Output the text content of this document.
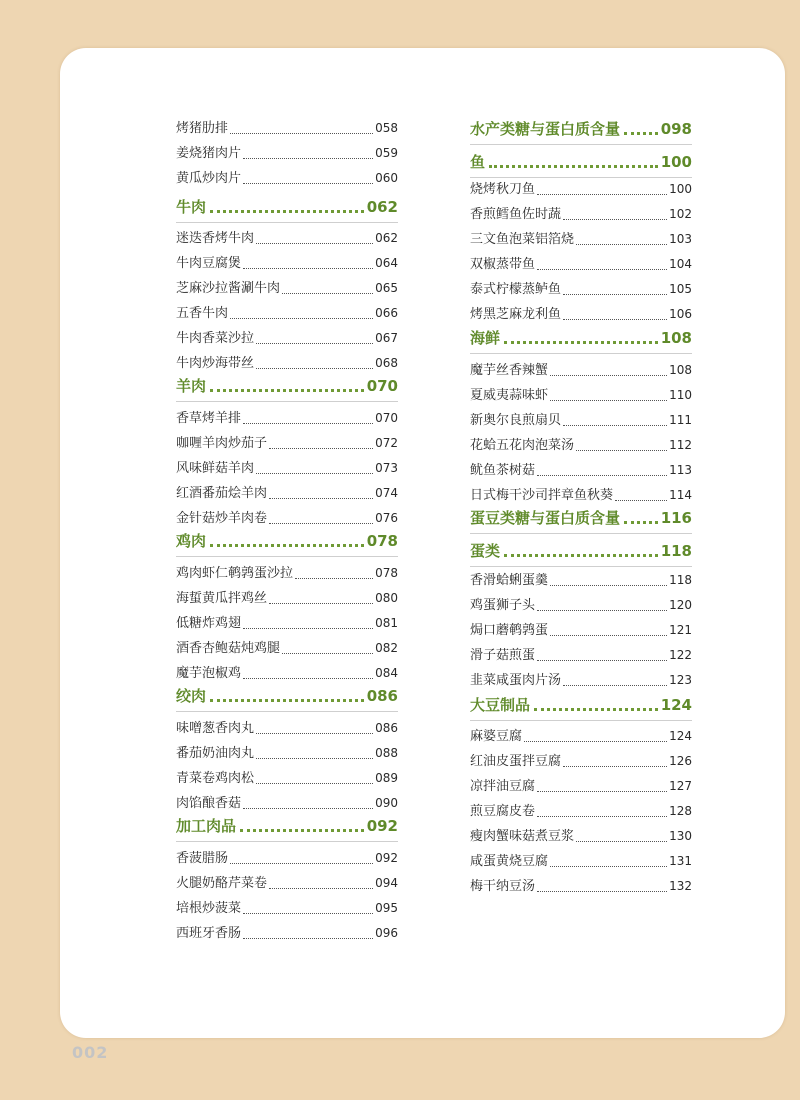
烤猪肋排	058
姜烧猪肉片	059
黄瓜炒肉片	060
牛肉	062
迷迭香烤牛肉	062
牛肉豆腐煲	064
芝麻沙拉酱涮牛肉	065
五香牛肉	066
牛肉香菜沙拉	067
牛肉炒海带丝	068
羊肉	070
香草烤羊排	070
咖喱羊肉炒茄子	072
风味鲜菇羊肉	073
红酒番茄烩羊肉	074
金针菇炒羊肉卷	076
鸡肉	078
鸡肉虾仁鹌鹑蛋沙拉	078
海蜇黄瓜拌鸡丝	080
低糖炸鸡翅	081
酒香杏鲍菇炖鸡腿	082
魔芋泡椒鸡	084
绞肉	086
味噌葱香肉丸	086
番茄奶油肉丸	088
青菜卷鸡肉松	089
肉馅酿香菇	090
加工肉品	092
香菠腊肠	092
火腿奶酪芹菜卷	094
培根炒菠菜	095
西班牙香肠	096
水产类糖与蛋白质含量	098
鱼	100
烧烤秋刀鱼	100
香煎鳕鱼佐时蔬	102
三文鱼泡菜铝箔烧	103
双椒蒸带鱼	104
泰式柠檬蒸鲈鱼	105
烤黑芝麻龙利鱼	106
海鲜	108
魔芋丝香辣蟹	108
夏威夷蒜味虾	110
新奥尔良煎扇贝	111
花蛤五花肉泡菜汤	112
鱿鱼茶树菇	113
日式梅干沙司拌章鱼秋葵	114
蛋豆类糖与蛋白质含量	116
蛋类	118
香滑蛤蜊蛋羹	118
鸡蛋狮子头	120
焗口蘑鹌鹑蛋	121
滑子菇煎蛋	122
韭菜咸蛋肉片汤	123
大豆制品	124
麻婆豆腐	124
红油皮蛋拌豆腐	126
凉拌油豆腐	127
煎豆腐皮卷	128
瘦肉蟹味菇煮豆浆	130
咸蛋黄烧豆腐	131
梅干纳豆汤	132
002
